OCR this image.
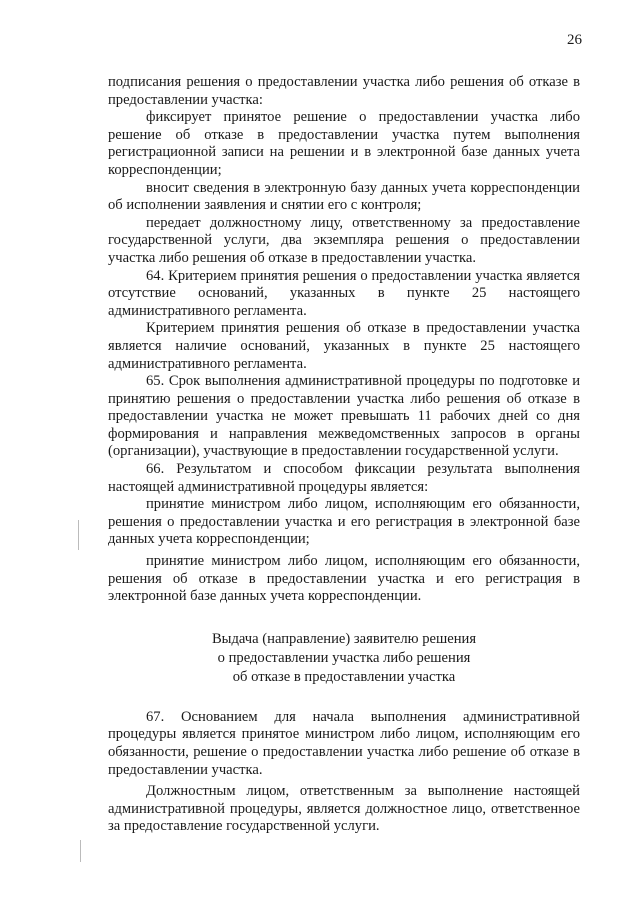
26

подписания решения о предоставлении участка либо решения об отказе в предоставлении участка:

фиксирует принятое решение о предоставлении участка либо решение об отказе в предоставлении участка путем выполнения регистрационной записи на решении и в электронной базе данных учета корреспонденции;

вносит сведения в электронную базу данных учета корреспонденции об исполнении заявления и снятии его с контроля;

передает должностному лицу, ответственному за предоставление государственной услуги, два экземпляра решения о предоставлении участка либо решения об отказе в предоставлении участка.

64. Критерием принятия решения о предоставлении участка является отсутствие оснований, указанных в пункте 25 настоящего административного регламента.

Критерием принятия решения об отказе в предоставлении участка является наличие оснований, указанных в пункте 25 настоящего административного регламента.

65. Срок выполнения административной процедуры по подготовке и принятию решения о предоставлении участка либо решения об отказе в предоставлении участка не может превышать 11 рабочих дней со дня формирования и направления межведомственных запросов в органы (организации), участвующие в предоставлении государственной услуги.

66. Результатом и способом фиксации результата выполнения настоящей административной процедуры является:

принятие министром либо лицом, исполняющим его обязанности, решения о предоставлении участка и его регистрация в электронной базе данных учета корреспонденции;

принятие министром либо лицом, исполняющим его обязанности, решения об отказе в предоставлении участка и его регистрация в электронной базе данных учета корреспонденции.

Выдача (направление) заявителю решения
о предоставлении участка либо решения
об отказе в предоставлении участка

67. Основанием для начала выполнения административной процедуры является принятое министром либо лицом, исполняющим его обязанности, решение о предоставлении участка либо решение об отказе в предоставлении участка.

Должностным лицом, ответственным за выполнение настоящей административной процедуры, является должностное лицо, ответственное за предоставление государственной услуги.
